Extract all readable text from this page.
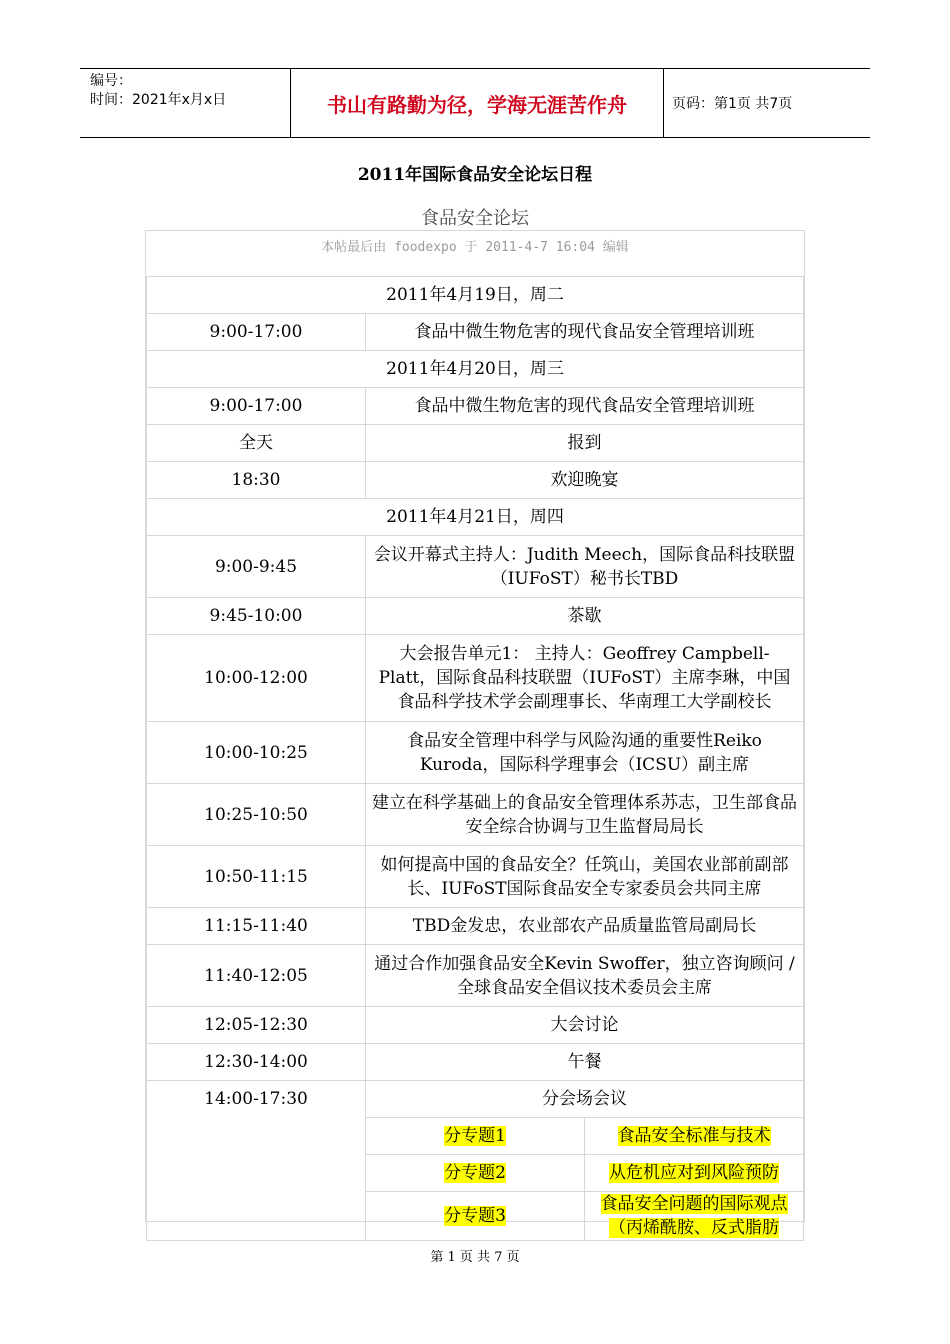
编号：
时间：2021年x月x日	书山有路勤为径，学海无涯苦作舟	页码：第1页 共7页
2011年国际食品安全论坛日程
食品安全论坛
本帖最后由 foodexpo 于 2011-4-7 16:04 编辑
2011年4月19日，周二		
9:00-17:00	食品中微生物危害的现代食品安全管理培训班	
2011年4月20日，周三		
9:00-17:00	食品中微生物危害的现代食品安全管理培训班	
全天	报到	
18:30	欢迎晚宴	
2011年4月21日，周四		
9:00-9:45	会议开幕式主持人：Judith Meech，国际食品科技联盟（IUFoST）秘书长TBD	
9:45-10:00	茶歇	
10:00-12:00	大会报告单元1： 主持人：Geoffrey Campbell-Platt，国际食品科技联盟（IUFoST）主席李琳，中国食品科学技术学会副理事长、华南理工大学副校长	
10:00-10:25	食品安全管理中科学与风险沟通的重要性Reiko Kuroda，国际科学理事会（ICSU）副主席	
10:25-10:50	建立在科学基础上的食品安全管理体系苏志，卫生部食品安全综合协调与卫生监督局局长	
10:50-11:15	如何提高中国的食品安全？任筑山，美国农业部前副部长、IUFoST国际食品安全专家委员会共同主席	
11:15-11:40	TBD金发忠，农业部农产品质量监管局副局长	
11:40-12:05	通过合作加强食品安全Kevin Swoffer，独立咨询顾问 / 全球食品安全倡议技术委员会主席	
12:05-12:30	大会讨论	
12:30-14:00	午餐	
14:00-17:30	分会场会议	
	分专题1	食品安全标准与技术
	分专题2	从危机应对到风险预防
	分专题3	食品安全问题的国际观点（丙烯酰胺、反式脂肪
第 1 页 共 7 页
